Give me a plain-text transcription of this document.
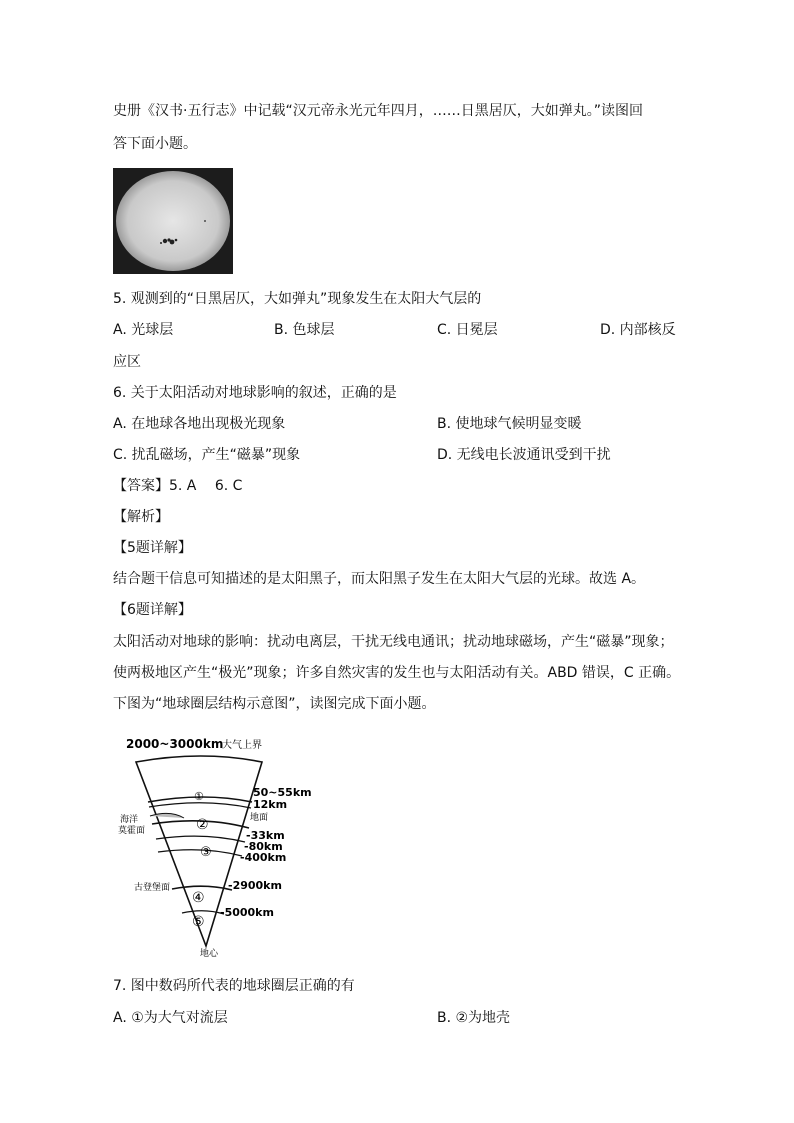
史册《汉书·五行志》中记载“汉元帝永光元年四月，……日黑居仄，大如弹丸。”读图回
答下面小题。
5. 观测到的“日黑居仄，大如弹丸”现象发生在太阳大气层的
A. 光球层	B. 色球层	C. 日冕层	D. 内部核反
应区
6. 关于太阳活动对地球影响的叙述，正确的是
A. 在地球各地出现极光现象	B. 使地球气候明显变暖
C. 扰乱磁场，产生“磁暴”现象	D. 无线电长波通讯受到干扰
【答案】5. A　 6. C
【解析】
【5题详解】
结合题干信息可知描述的是太阳黑子，而太阳黑子发生在太阳大气层的光球。故选 A。
【6题详解】
太阳活动对地球的影响：扰动电离层，干扰无线电通讯；扰动地球磁场，产生“磁暴”现象；
使两极地区产生“极光”现象；许多自然灾害的发生也与太阳活动有关。ABD 错误，C 正确。
下图为“地球圈层结构示意图”，读图完成下面小题。
2000~3000km
大气上界
①
②
③
④
⑤
海洋
莫霍面
古登堡面
50~55km
12km
地面
-33km
-80km
-400km
-2900km
-5000km
地心
7. 图中数码所代表的地球圈层正确的有
A. ①为大气对流层	B. ②为地壳
